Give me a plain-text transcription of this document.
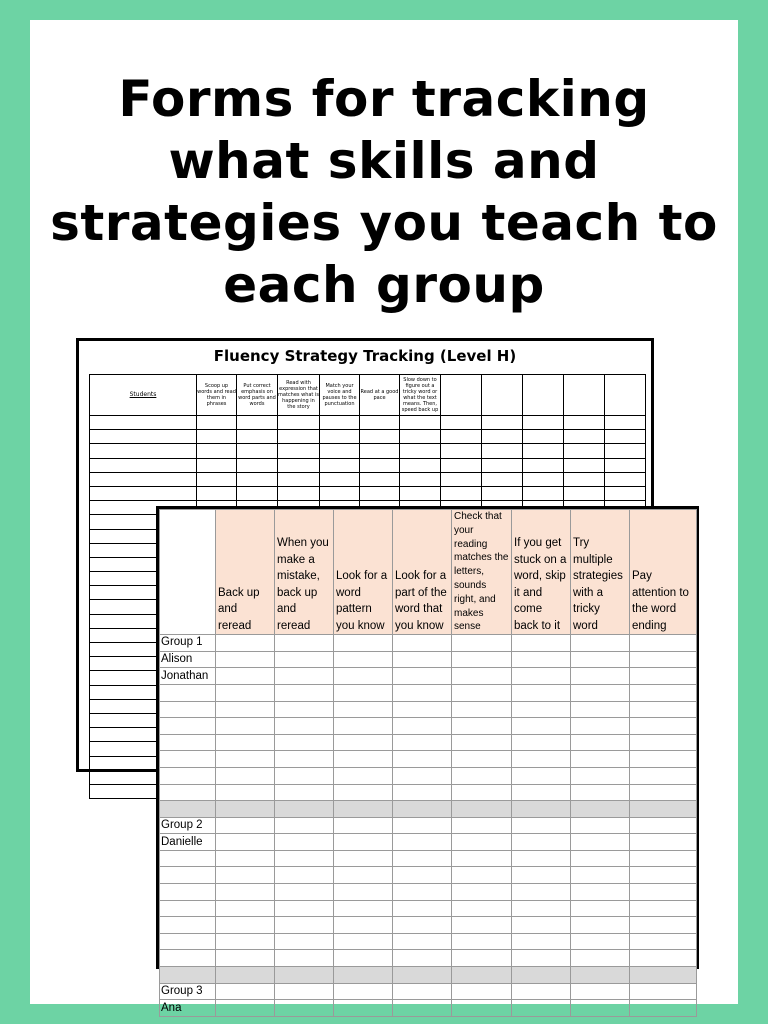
Forms for tracking
what skills and
strategies you teach to
each group
Fluency Strategy Tracking (Level H)
Students	Scoop up words and read them in phrases	Put correct emphasis on word parts and words	Read with expression that matches what is happening in the story	Match your voice and pauses to the punctuation	Read at a good pace	Slow down to figure out a tricky word or what the text means. Then, speed back up					

	Back up and reread	When you make a mistake, back up and reread	Look for a word pattern you know	Look for a part of the word that you know	Check that your reading matches the letters, sounds right, and makes sense	If you get stuck on a word, skip it and come back to it	Try multiple strategies with a tricky word	Pay attention to the word ending
Group 1								
Alison								
Jonathan								

Group 2								
Danielle								

Group 3								
Ana								
